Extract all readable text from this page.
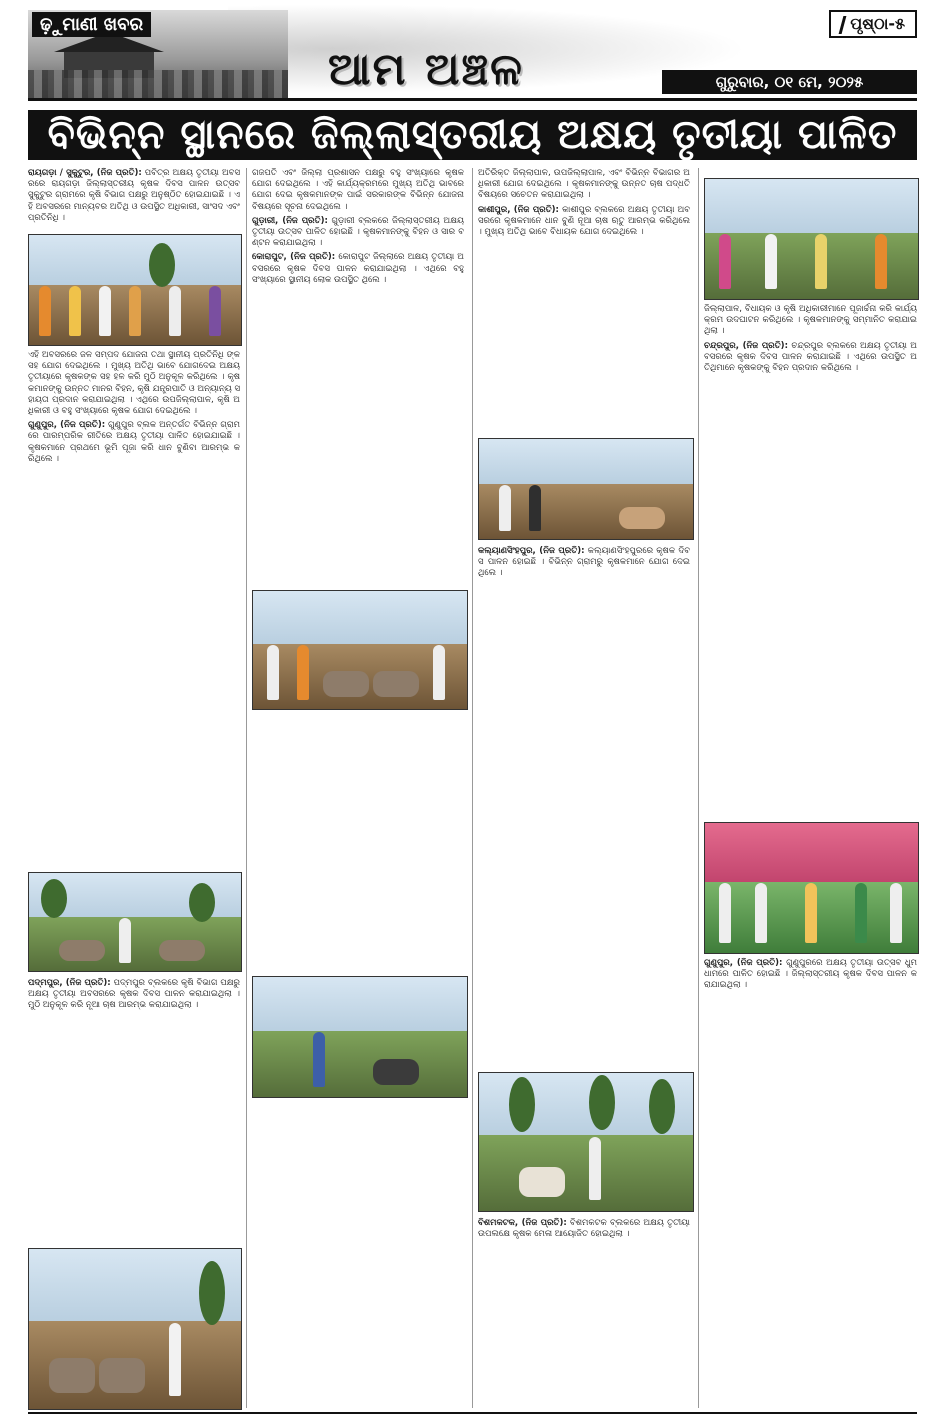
ଢ଼ୁମାଣୀ ଖବର
ଆମ ଅଞ୍ଚଳ
ପୃଷ୍ଠା-୫
ଗୁରୁବାର, ୦୧ ମେ, ୨୦୨୫
ବିଭିନ୍ନ ସ୍ଥାନରେ ଜିଲ୍ଲାସ୍ତରୀୟ ଅକ୍ଷୟ ତୃତୀୟା ପାଳିତ

ରାୟଗଡ଼ା / ସୁକୁଟୁର, (ନିଜ ପ୍ରତି): ପବିତ୍ର ଅକ୍ଷୟ ତୃତୀୟା ଅବସରରେ ରାୟଗଡ଼ା ଜିଲ୍ଲାସ୍ତରୀୟ କୃଷକ ଦିବସ ପାଳନ ଉତ୍ସବ ସୁକୁଟୁର ଗ୍ରାମରେ କୃଷି ବିଭାଗ ପକ୍ଷରୁ ଅନୁଷ୍ଠିତ ହୋଇଯାଇଛି । ଏହି ଅବସରରେ ମାନ୍ୟବର ଅତିଥି ଓ ଉପସ୍ଥିତ ଅଧିକାରୀ, ସାଂସଦ ଏବଂ ପ୍ରତିନିଧି ।

ଏହି ଅବସରରେ ଜଳ ସମ୍ପଦ ଯୋଜନା ତଥା ସ୍ଥାନୀୟ ପ୍ରତିନିଧି ଙ୍କ ସହ ଯୋଗ ଦେଇଥିଲେ । ମୁଖ୍ୟ ଅତିଥି ଭାବେ ଯୋଗଦେଇ ଅକ୍ଷୟ ତୃତୀୟାରେ କୃଷକଙ୍କ ସହ ହଳ କରି ମୁଠି ଅନୁକୂଳ କରିଥିଲେ । କୃଷକମାନଙ୍କୁ ଉନ୍ନତ ମାନର ବିହନ, କୃଷି ଯନ୍ତ୍ରପାତି ଓ ଅନ୍ୟାନ୍ୟ ସହାୟତା ପ୍ରଦାନ କରାଯାଇଥିଲା । ଏଥିରେ ଉପଜିଲ୍ଲାପାଳ, କୃଷି ଅଧିକାରୀ ଓ ବହୁ ସଂଖ୍ୟାରେ କୃଷକ ଯୋଗ ଦେଇଥିଲେ ।

ଗୁଣୁପୁର, (ନିଜ ପ୍ରତି): ଗୁଣୁପୁର ବ୍ଲକ ଅନ୍ତର୍ଗତ ବିଭିନ୍ନ ଗ୍ରାମରେ ପାରମ୍ପରିକ ରୀତିରେ ଅକ୍ଷୟ ତୃତୀୟା ପାଳିତ ହୋଇଯାଇଛି । କୃଷକମାନେ ପ୍ରଥମେ ଭୂମି ପୂଜା କରି ଧାନ ବୁଣିବା ଆରମ୍ଭ କରିଥିଲେ ।

ପଦ୍ମପୁର, (ନିଜ ପ୍ରତି): ପଦ୍ମପୁର ବ୍ଲକରେ କୃଷି ବିଭାଗ ପକ୍ଷରୁ ଅକ୍ଷୟ ତୃତୀୟା ଅବସରରେ କୃଷକ ଦିବସ ପାଳନ କରାଯାଇଥିଲା । ମୁଠି ଅନୁକୂଳ କରି ନୂଆ ଚାଷ ଆରମ୍ଭ କରାଯାଇଥିଲା ।

ଗଜପତି ଏବଂ ଜିଲ୍ଲା ପ୍ରଶାସନ ପକ୍ଷରୁ ବହୁ ସଂଖ୍ୟାରେ କୃଷକ ଯୋଗ ଦେଇଥିଲେ । ଏହି କାର୍ଯ୍ୟକ୍ରମରେ ମୁଖ୍ୟ ଅତିଥି ଭାବରେ ଯୋଗ ଦେଇ କୃଷକମାନଙ୍କ ପାଇଁ ସରକାରଙ୍କ ବିଭିନ୍ନ ଯୋଜନା ବିଷୟରେ ସୂଚନା ଦେଇଥିଲେ ।

ଗୁଡ଼ାରୀ, (ନିଜ ପ୍ରତି): ଗୁଡ଼ାରୀ ବ୍ଲକରେ ଜିଲ୍ଲାସ୍ତରୀୟ ଅକ୍ଷୟ ତୃତୀୟା ଉତ୍ସବ ପାଳିତ ହୋଇଛି । କୃଷକମାନଙ୍କୁ ବିହନ ଓ ସାର ବଣ୍ଟନ କରାଯାଇଥିଲା ।

କୋରାପୁଟ, (ନିଜ ପ୍ରତି): କୋରାପୁଟ ଜିଲ୍ଲାରେ ଅକ୍ଷୟ ତୃତୀୟା ଅବସରରେ କୃଷକ ଦିବସ ପାଳନ କରାଯାଇଥିଲା । ଏଥିରେ ବହୁ ସଂଖ୍ୟାରେ ସ୍ଥାନୀୟ ଲୋକ ଉପସ୍ଥିତ ଥିଲେ ।

ଅତିରିକ୍ତ ଜିଲ୍ଲାପାଳ, ଉପଜିଲ୍ଲାପାଳ, ଏବଂ ବିଭିନ୍ନ ବିଭାଗର ଅଧିକାରୀ ଯୋଗ ଦେଇଥିଲେ । କୃଷକମାନଙ୍କୁ ଉନ୍ନତ ଚାଷ ପଦ୍ଧତି ବିଷୟରେ ସଚେତନ କରାଯାଇଥିଲା ।

କାଶୀପୁର, (ନିଜ ପ୍ରତି): କାଶୀପୁର ବ୍ଲକରେ ଅକ୍ଷୟ ତୃତୀୟା ଅବସରରେ କୃଷକମାନେ ଧାନ ବୁଣି ନୂଆ ଚାଷ ଋତୁ ଆରମ୍ଭ କରିଥିଲେ । ମୁଖ୍ୟ ଅତିଥି ଭାବେ ବିଧାୟକ ଯୋଗ ଦେଇଥିଲେ ।

କଲ୍ୟାଣସିଂହପୁର, (ନିଜ ପ୍ରତି): କଲ୍ୟାଣସିଂହପୁରରେ କୃଷକ ଦିବସ ପାଳନ ହୋଇଛି । ବିଭିନ୍ନ ଗ୍ରାମରୁ କୃଷକମାନେ ଯୋଗ ଦେଇଥିଲେ ।

ବିଶମକଟକ, (ନିଜ ପ୍ରତି): ବିଶମକଟକ ବ୍ଲକରେ ଅକ୍ଷୟ ତୃତୀୟା ଉପଲକ୍ଷେ କୃଷକ ମେଳା ଆୟୋଜିତ ହୋଇଥିଲା ।

ଜିଲ୍ଲାପାଳ, ବିଧାୟକ ଓ କୃଷି ଅଧିକାରୀମାନେ ପୂଜାର୍ଚ୍ଚନା କରି କାର୍ଯ୍ୟକ୍ରମ ଉଦଘାଟନ କରିଥିଲେ । କୃଷକମାନଙ୍କୁ ସମ୍ମାନିତ କରାଯାଇଥିଲା ।

ଚନ୍ଦ୍ରପୁର, (ନିଜ ପ୍ରତି): ଚନ୍ଦ୍ରପୁର ବ୍ଲକରେ ଅକ୍ଷୟ ତୃତୀୟା ଅବସରରେ କୃଷକ ଦିବସ ପାଳନ କରାଯାଇଛି । ଏଥିରେ ଉପସ୍ଥିତ ଅତିଥିମାନେ କୃଷକଙ୍କୁ ବିହନ ପ୍ରଦାନ କରିଥିଲେ ।

ଗୁଣୁପୁର, (ନିଜ ପ୍ରତି): ଗୁଣୁପୁରରେ ଅକ୍ଷୟ ତୃତୀୟା ଉତ୍ସବ ଧୁମଧାମରେ ପାଳିତ ହୋଇଛି । ଜିଲ୍ଲାସ୍ତରୀୟ କୃଷକ ଦିବସ ପାଳନ କରାଯାଇଥିଲା ।
